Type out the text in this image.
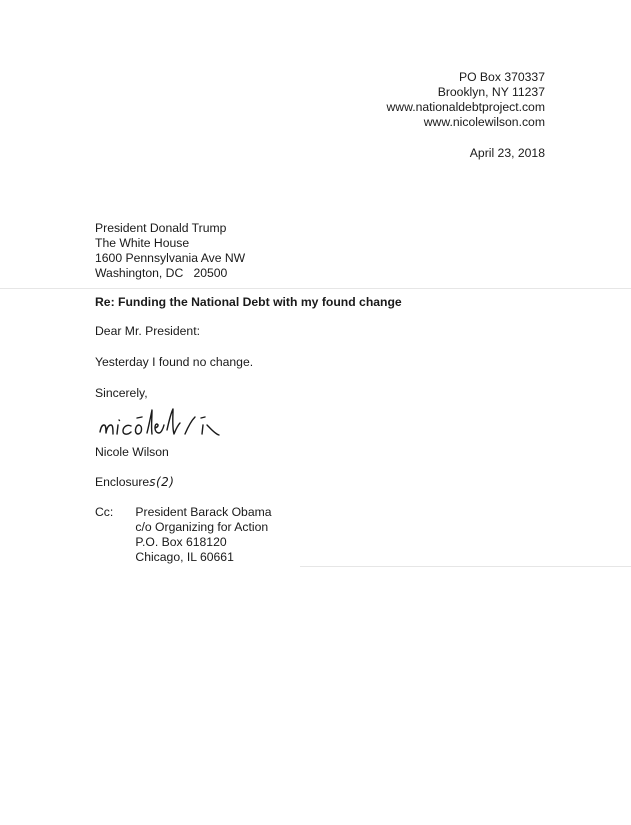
PO Box 370337
Brooklyn, NY 11237
www.nationaldebtproject.com
www.nicolewilson.com
April 23, 2018
President Donald Trump
The White House
1600 Pennsylvania Ave NW
Washington, DC   20500
Re: Funding the National Debt with my found change
Dear Mr. President:
Yesterday I found no change.
Sincerely,
Nicole Wilson
Enclosures(2)
Cc: President Barack Obama
c/o Organizing for Action
P.O. Box 618120
Chicago, IL 60661
